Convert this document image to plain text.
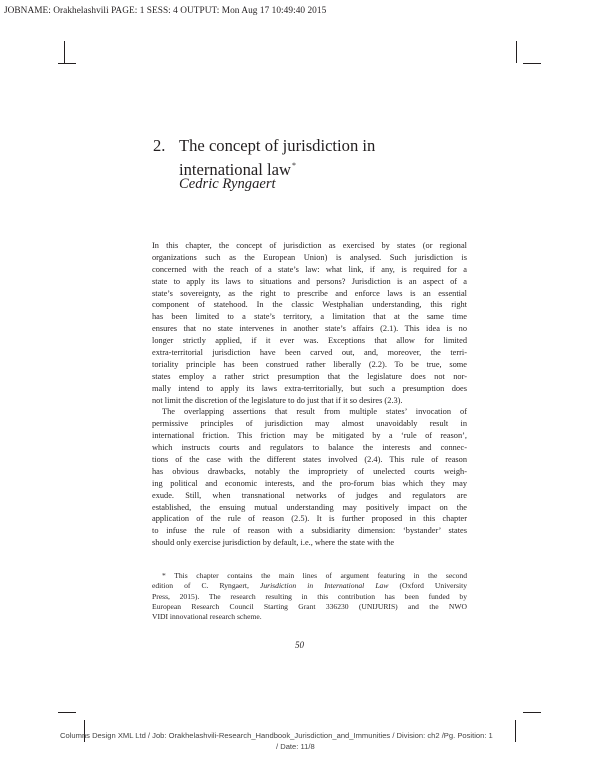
JOBNAME: Orakhelashvili PAGE: 1 SESS: 4 OUTPUT: Mon Aug 17 10:49:40 2015
2. The concept of jurisdiction in
international law*
Cedric Ryngaert
In this chapter, the concept of jurisdiction as exercised by states (or regional
organizations such as the European Union) is analysed. Such jurisdiction is
concerned with the reach of a state’s law: what link, if any, is required for a
state to apply its laws to situations and persons? Jurisdiction is an aspect of a
state’s sovereignty, as the right to prescribe and enforce laws is an essential
component of statehood. In the classic Westphalian understanding, this right
has been limited to a state’s territory, a limitation that at the same time
ensures that no state intervenes in another state’s affairs (2.1). This idea is no
longer strictly applied, if it ever was. Exceptions that allow for limited
extra-territorial jurisdiction have been carved out, and, moreover, the terri-
toriality principle has been construed rather liberally (2.2). To be true, some
states employ a rather strict presumption that the legislature does not nor-
mally intend to apply its laws extra-territorially, but such a presumption does
not limit the discretion of the legislature to do just that if it so desires (2.3).
The overlapping assertions that result from multiple states’ invocation of
permissive principles of jurisdiction may almost unavoidably result in
international friction. This friction may be mitigated by a ‘rule of reason’,
which instructs courts and regulators to balance the interests and connec-
tions of the case with the different states involved (2.4). This rule of reason
has obvious drawbacks, notably the impropriety of unelected courts weigh-
ing political and economic interests, and the pro-forum bias which they may
exude. Still, when transnational networks of judges and regulators are
established, the ensuing mutual understanding may positively impact on the
application of the rule of reason (2.5). It is further proposed in this chapter
to infuse the rule of reason with a subsidiarity dimension: ‘bystander’ states
should only exercise jurisdiction by default, i.e., where the state with the
* This chapter contains the main lines of argument featuring in the second
edition of C. Ryngaert, Jurisdiction in International Law (Oxford University
Press, 2015). The research resulting in this contribution has been funded by
European Research Council Starting Grant 336230 (UNIJURIS) and the NWO
VIDI innovational research scheme.
50
Columns Design XML Ltd / Job: Orakhelashvili-Research_Handbook_Jurisdiction_and_Immunities / Division: ch2 /Pg. Position: 1
/ Date: 11/8
